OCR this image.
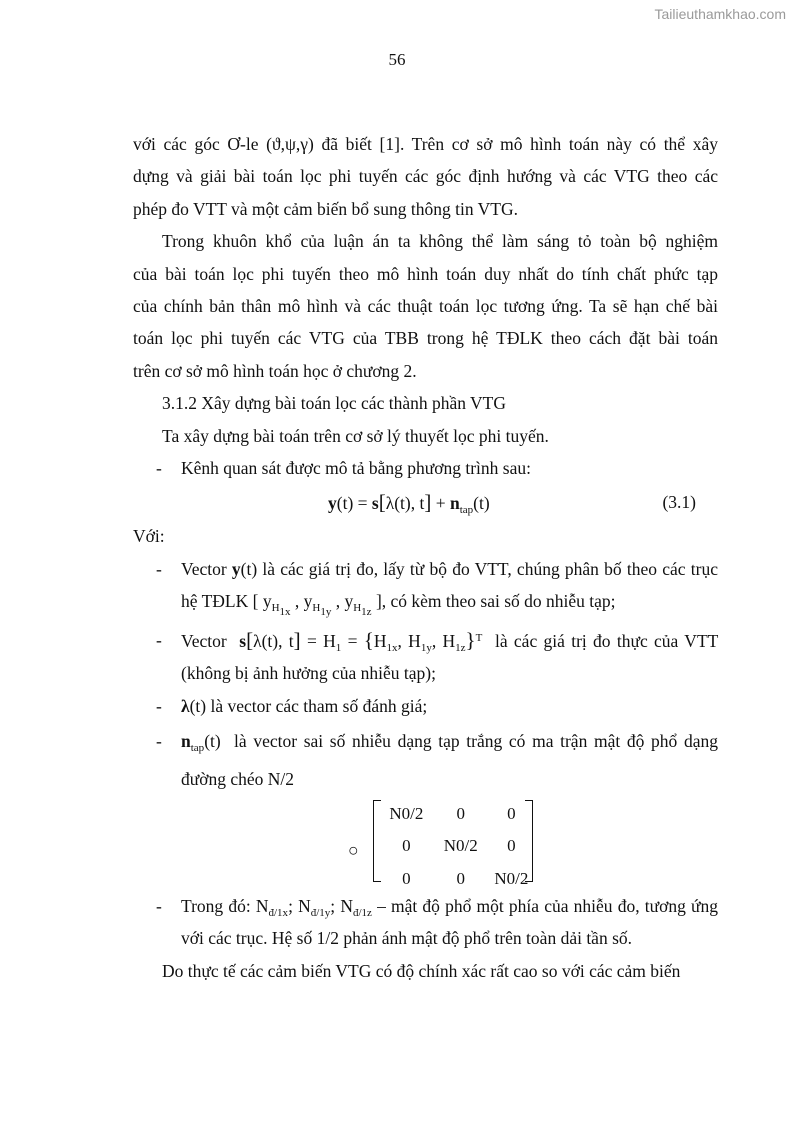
Tailieuthamkhao.com
56

với các góc Ơ-le (ϑ,ψ,γ) đã biết [1]. Trên cơ sở mô hình toán này có thể xây

dựng và giải bài toán lọc phi tuyến các góc định hướng và các VTG theo các

phép đo VTT và một cảm biến bổ sung thông tin VTG.

Trong khuôn khổ của luận án ta không thể làm sáng tỏ toàn bộ nghiệm

của bài toán lọc phi tuyến theo mô hình toán duy nhất do tính chất phức tạp

của chính bản thân mô hình và các thuật toán lọc tương ứng. Ta sẽ hạn chế bài

toán lọc phi tuyến các VTG của TBB trong hệ TĐLK theo cách đặt bài toán

trên cơ sở mô hình toán học ở chương 2.

3.1.2 Xây dựng bài toán lọc các thành phần VTG

Ta xây dựng bài toán trên cơ sở lý thuyết lọc phi tuyến.

- Kênh quan sát được mô tả bằng phương trình sau:
y(t) = s[λ(t), $t] + n_{tap}(t)$	(3.1)

Với:

- Vector y(t) là các giá trị đo, lấy từ bộ đo VTT, chúng phân bố theo các trục hệ TĐLK [ $y_{H_{1x}}$ , $y_{H_{1y}}$ , $y_{H_{1z}}$ ], có kèm theo sai số do nhiễu tạp;
- Vector s[λ(t), $t] = H_1 = \{H_{1x}$, $H_{1y}$, $H_{1z}\}^T$ là các giá trị đo thực của VTT (không bị ảnh hưởng của nhiễu tạp);
- λ(t) là vector các tham số đánh giá;
- $n_{tap}(t)$  là vector sai số nhiễu dạng tạp trắng có ma trận mật độ phổ dạng đường chéo N/2
○
N0/2	0	0
0	N0/2	0
0	0	N0/2
- Trong đó: $N_{đ/1x}$; $N_{đ/1y}$; $N_{đ/1z}$ – mật độ phổ một phía của nhiễu đo, tương ứng với các trục. Hệ số 1/2 phản ánh mật độ phổ trên toàn dải tần số.

Do thực tế các cảm biến VTG có độ chính xác rất cao so với các cảm biến
